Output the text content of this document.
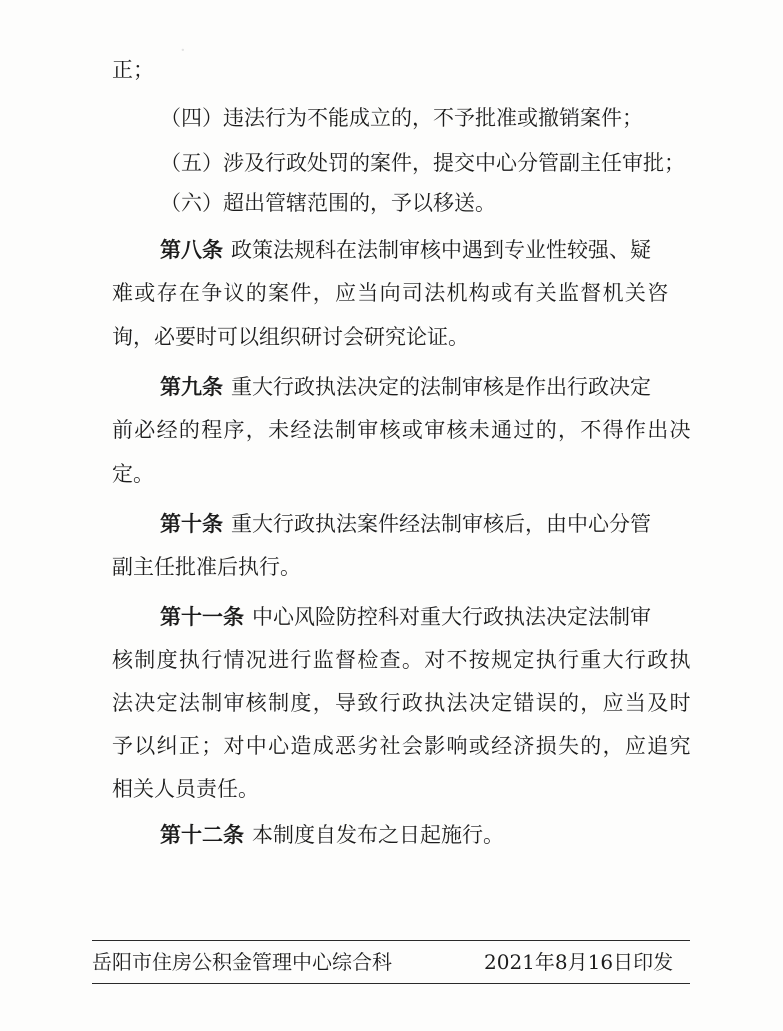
·
正；
（四）违法行为不能成立的，不予批准或撤销案件；
（五）涉及行政处罚的案件，提交中心分管副主任审批；
（六）超出管辖范围的，予以移送。
第八条 政策法规科在法制审核中遇到专业性较强、疑
难或存在争议的案件，应当向司法机构或有关监督机关咨
询，必要时可以组织研讨会研究论证。
第九条 重大行政执法决定的法制审核是作出行政决定
前必经的程序，未经法制审核或审核未通过的，不得作出决
定。
第十条 重大行政执法案件经法制审核后，由中心分管
副主任批准后执行。
第十一条 中心风险防控科对重大行政执法决定法制审
核制度执行情况进行监督检查。对不按规定执行重大行政执
法决定法制审核制度，导致行政执法决定错误的，应当及时
予以纠正；对中心造成恶劣社会影响或经济损失的，应追究
相关人员责任。
第十二条 本制度自发布之日起施行。
岳阳市住房公积金管理中心综合科	2021年8月16日印发
